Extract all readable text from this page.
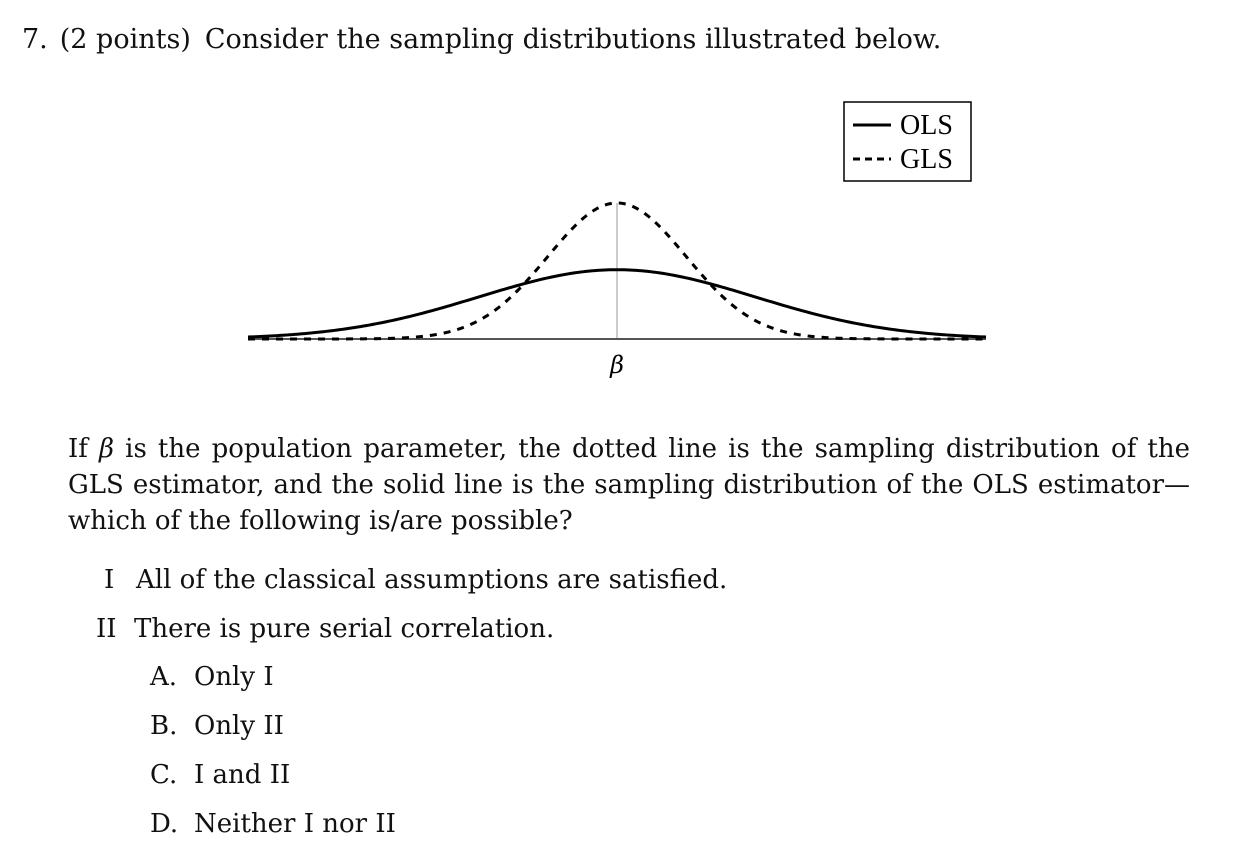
7. (2 points) Consider the sampling distributions illustrated below.
β
OLS
GLS
If β is the population parameter, the dotted line is the sampling distribution of the GLS estimator, and the solid line is the sampling distribution of the OLS estimator—which of the following is/are possible?
I All of the classical assumptions are satisfied.
II There is pure serial correlation.
A. Only I
B. Only II
C. I and II
D. Neither I nor II
